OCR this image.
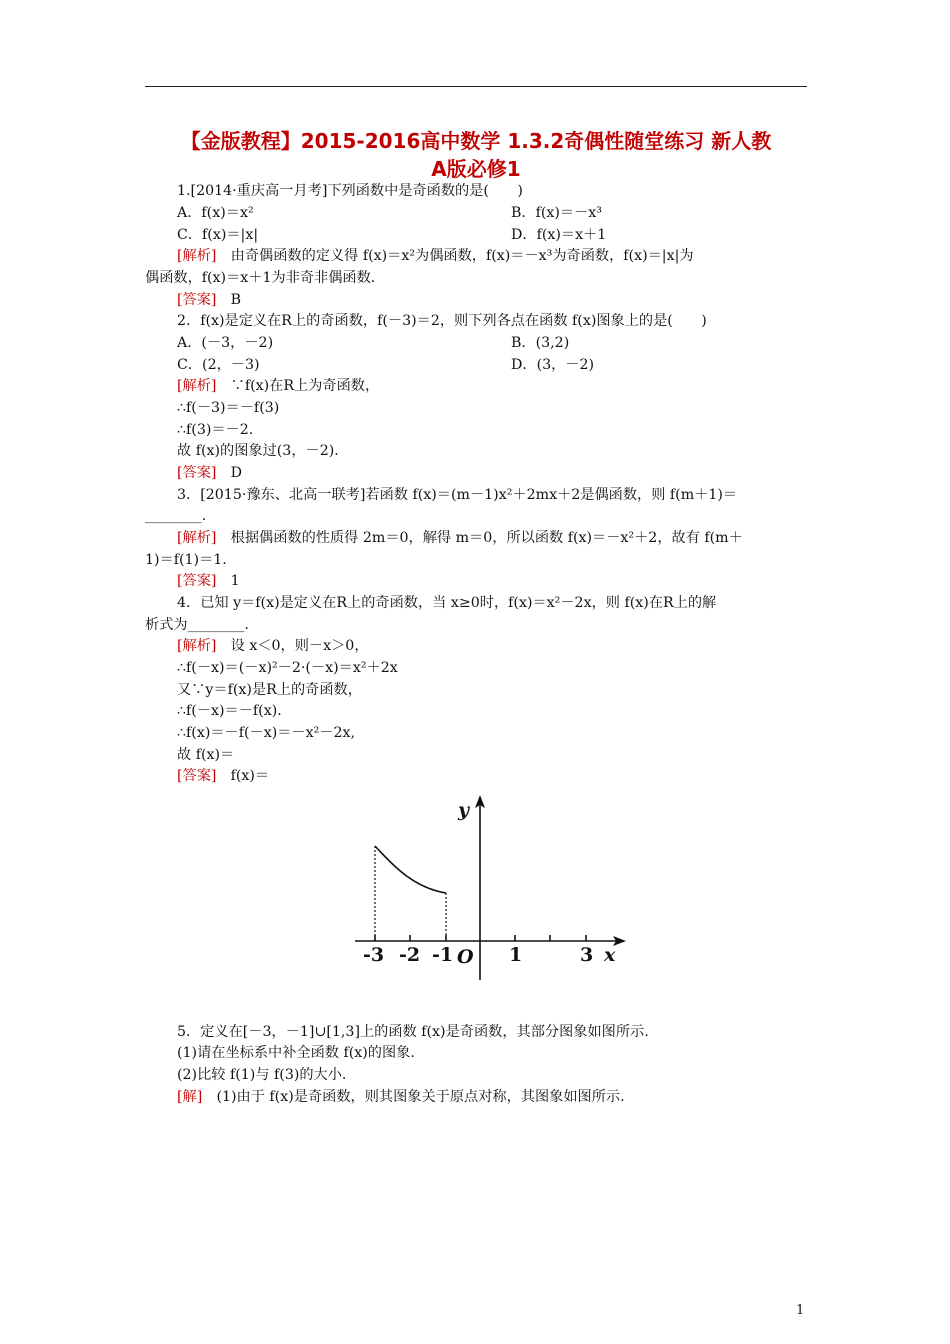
【金版教程】2015-2016高中数学 1.3.2奇偶性随堂练习 新人教
A版必修1
1.[2014·重庆高一月考]下列函数中是奇函数的是(　　)
A．f(x)＝x²	B．f(x)＝－x³
C．f(x)＝|x|	D．f(x)＝x＋1
[解析]　由奇偶函数的定义得 f(x)＝x²为偶函数，f(x)＝－x³为奇函数，f(x)＝|x|为
偶函数，f(x)＝x＋1为非奇非偶函数．
[答案]　B
2．f(x)是定义在R上的奇函数，f(－3)＝2，则下列各点在函数 f(x)图象上的是(　　)
A．(－3，－2)	B．(3,2)
C．(2，－3)	D．(3，－2)
[解析]　∵f(x)在R上为奇函数，
∴f(－3)＝－f(3)
∴f(3)＝－2.
故 f(x)的图象过(3，－2)．
[答案]　D
3．[2015·豫东、北高一联考]若函数 f(x)＝(m－1)x²＋2mx＋2是偶函数，则 f(m＋1)＝
________.
[解析]　根据偶函数的性质得 2m＝0，解得 m＝0，所以函数 f(x)＝－x²＋2，故有 f(m＋
1)＝f(1)＝1.
[答案]　1
4．已知 y＝f(x)是定义在R上的奇函数，当 x≥0时，f(x)＝x²－2x，则 f(x)在R上的解
析式为________.
[解析]　设 x＜0，则－x＞0，
∴f(－x)＝(－x)²－2·(－x)＝x²＋2x
又∵y＝f(x)是R上的奇函数，
∴f(－x)＝－f(x)．
∴f(x)＝－f(－x)＝－x²－2x,
故 f(x)＝
[答案]　f(x)＝
y
x
O
-3 -2 -1	1	3
5．定义在[－3，－1]∪[1,3]上的函数 f(x)是奇函数，其部分图象如图所示.
(1)请在坐标系中补全函数 f(x)的图象.
(2)比较 f(1)与 f(3)的大小.
[解]　(1)由于 f(x)是奇函数，则其图象关于原点对称，其图象如图所示.
1
